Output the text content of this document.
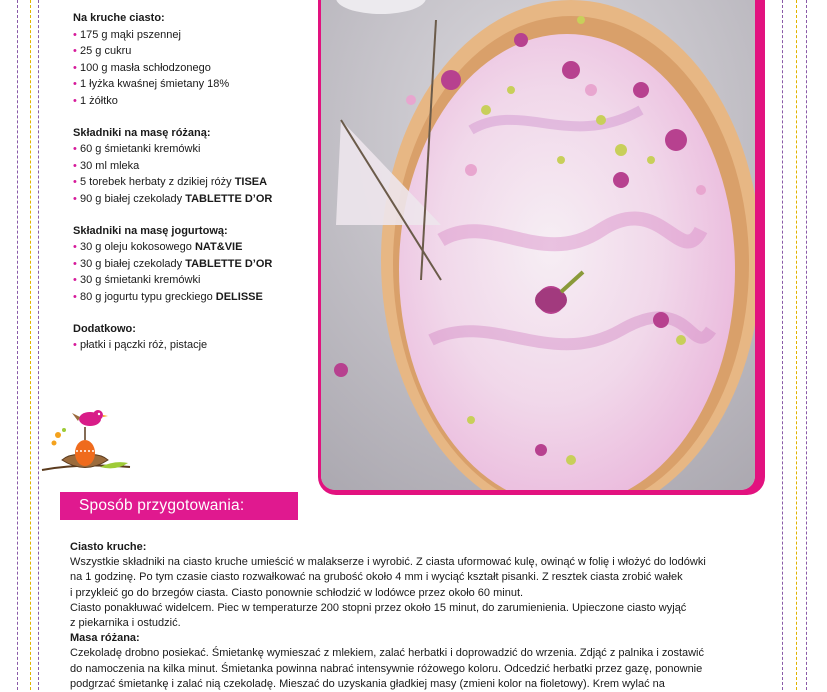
Na kruche ciasto:
• 175 g mąki pszennej
• 25 g cukru
• 100 g masła schłodzonego
• 1 łyżka kwaśnej śmietany 18%
• 1 żółtko
Składniki na masę różaną:
• 60 g śmietanki kremówki
• 30 ml mleka
• 5 torebek herbaty z dzikiej róży TISEA
• 90 g białej czekolady TABLETTE D’OR
Składniki na masę jogurtową:
• 30 g oleju kokosowego NAT&VIE
• 30 g białej czekolady TABLETTE D’OR
• 30 g śmietanki kremówki
• 80 g jogurtu typu greckiego DELISSE
Dodatkowo:
• płatki i pączki róż, pistacje
Sposób przygotowania:
Ciasto kruche:

Wszystkie składniki na ciasto kruche umieścić w malakserze i wyrobić. Z ciasta uformować kulę, owinąć w folię i włożyć do lodówki

na 1 godzinę. Po tym czasie ciasto rozwałkować na grubość około 4 mm i wyciąć kształt pisanki. Z resztek ciasta zrobić wałek

i przykleić go do brzegów ciasta. Ciasto ponownie schłodzić w lodówce przez około 60 minut.

Ciasto ponakłuwać widelcem. Piec w temperaturze 200 stopni przez około 15 minut, do zarumienienia. Upieczone ciasto wyjąć

z piekarnika i ostudzić.

Masa różana:

Czekoladę drobno posiekać. Śmietankę wymieszać z mlekiem, zalać herbatki i doprowadzić do wrzenia. Zdjąć z palnika i zostawić

do namoczenia na kilka minut. Śmietanka powinna nabrać intensywnie różowego koloru. Odcedzić herbatki przez gazę, ponownie

podgrzać śmietankę i zalać nią czekoladę. Mieszać do uzyskania gładkiej masy (zmieni kolor na fioletowy). Krem wylać na
